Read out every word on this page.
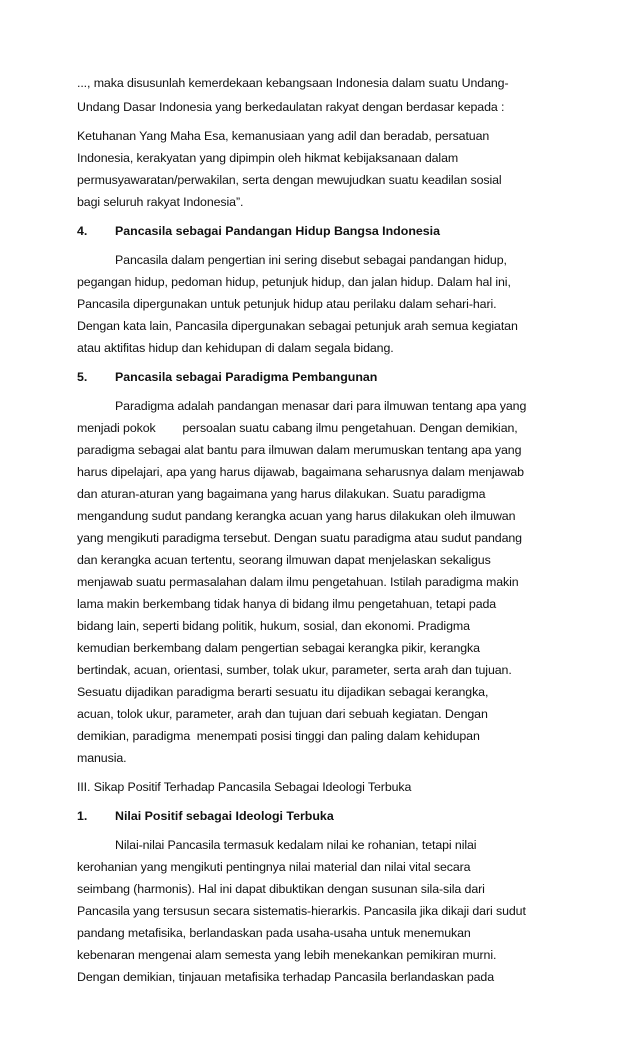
..., maka disusunlah kemerdekaan kebangsaan Indonesia dalam suatu Undang-
Undang Dasar Indonesia yang berkedaulatan rakyat dengan berdasar kepada :
Ketuhanan Yang Maha Esa, kemanusiaan yang adil dan beradab, persatuan
Indonesia, kerakyatan yang dipimpin oleh hikmat kebijaksanaan dalam
permusyawaratan/perwakilan, serta dengan mewujudkan suatu keadilan sosial
bagi seluruh rakyat Indonesia”.
4. Pancasila sebagai Pandangan Hidup Bangsa Indonesia
Pancasila dalam pengertian ini sering disebut sebagai pandangan hidup,
pegangan hidup, pedoman hidup, petunjuk hidup, dan jalan hidup. Dalam hal ini,
Pancasila dipergunakan untuk petunjuk hidup atau perilaku dalam sehari-hari.
Dengan kata lain, Pancasila dipergunakan sebagai petunjuk arah semua kegiatan
atau aktifitas hidup dan kehidupan di dalam segala bidang.
5. Pancasila sebagai Paradigma Pembangunan
Paradigma adalah pandangan menasar dari para ilmuwan tentang apa yang
menjadi pokok        persoalan suatu cabang ilmu pengetahuan. Dengan demikian,
paradigma sebagai alat bantu para ilmuwan dalam merumuskan tentang apa yang
harus dipelajari, apa yang harus dijawab, bagaimana seharusnya dalam menjawab
dan aturan-aturan yang bagaimana yang harus dilakukan. Suatu paradigma
mengandung sudut pandang kerangka acuan yang harus dilakukan oleh ilmuwan
yang mengikuti paradigma tersebut. Dengan suatu paradigma atau sudut pandang
dan kerangka acuan tertentu, seorang ilmuwan dapat menjelaskan sekaligus
menjawab suatu permasalahan dalam ilmu pengetahuan. Istilah paradigma makin
lama makin berkembang tidak hanya di bidang ilmu pengetahuan, tetapi pada
bidang lain, seperti bidang politik, hukum, sosial, dan ekonomi. Pradigma
kemudian berkembang dalam pengertian sebagai kerangka pikir, kerangka
bertindak, acuan, orientasi, sumber, tolak ukur, parameter, serta arah dan tujuan.
Sesuatu dijadikan paradigma berarti sesuatu itu dijadikan sebagai kerangka,
acuan, tolok ukur, parameter, arah dan tujuan dari sebuah kegiatan. Dengan
demikian, paradigma  menempati posisi tinggi dan paling dalam kehidupan
manusia.
III. Sikap Positif Terhadap Pancasila Sebagai Ideologi Terbuka
1. Nilai Positif sebagai Ideologi Terbuka
Nilai-nilai Pancasila termasuk kedalam nilai ke rohanian, tetapi nilai
kerohanian yang mengikuti pentingnya nilai material dan nilai vital secara
seimbang (harmonis). Hal ini dapat dibuktikan dengan susunan sila-sila dari
Pancasila yang tersusun secara sistematis-hierarkis. Pancasila jika dikaji dari sudut
pandang metafisika, berlandaskan pada usaha-usaha untuk menemukan
kebenaran mengenai alam semesta yang lebih menekankan pemikiran murni.
Dengan demikian, tinjauan metafisika terhadap Pancasila berlandaskan pada
